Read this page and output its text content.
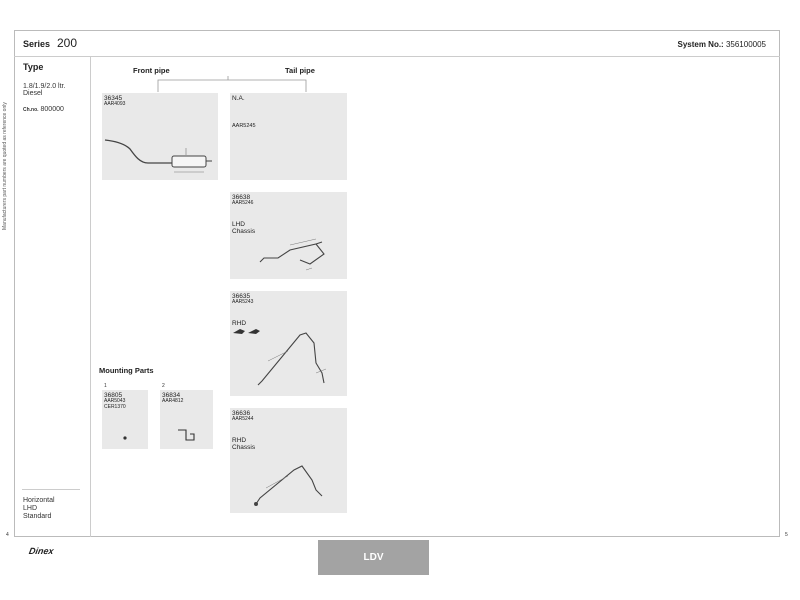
Series 200	System No.: 356100005
Manufacturers part numbers are quoted as reference only
Type
1.8/1.9/2.0 ltr.
Diesel
Ch.no. 800000
Horizontal
LHD
Standard
Front pipe	Tail pipe
36345
AAR4093
N.A.
AAR5245
36638
AAR5246
LHD
Chassis
36635
AAR5243
RHD
36636
AAR5244
RHD
Chassis
Mounting Parts
1	2
36805
AAR5043
CER1370
36834
AAR4812
4	5
Dinex
LDV
